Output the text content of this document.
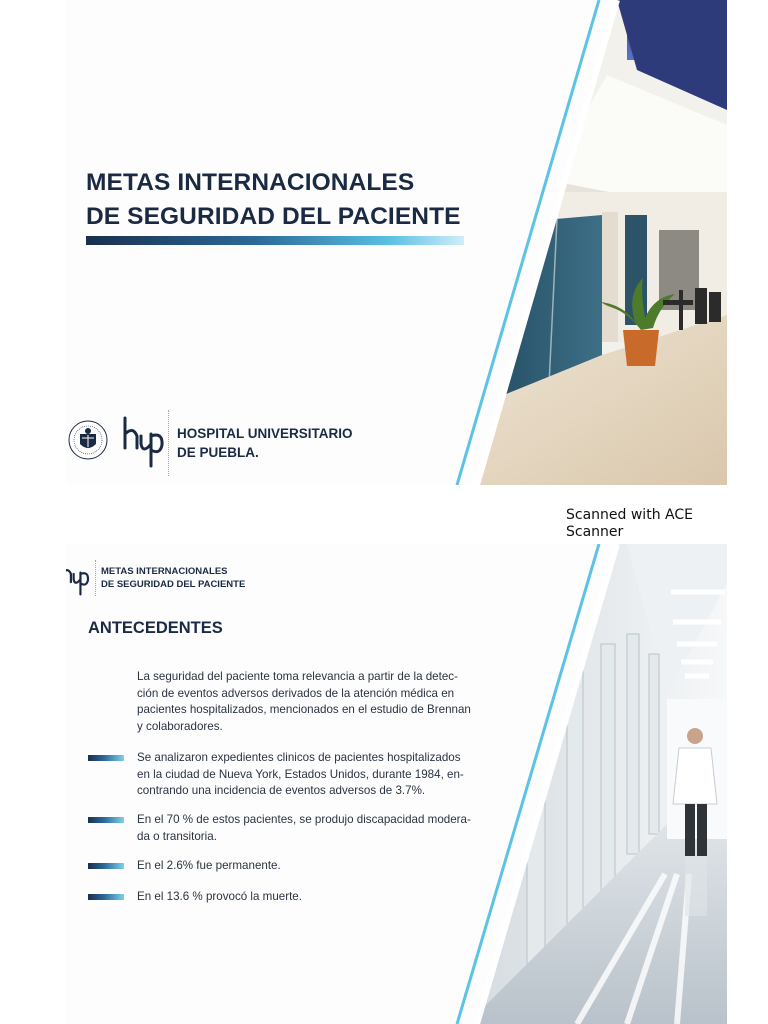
METAS INTERNACIONALES
DE SEGURIDAD DEL PACIENTE
HOSPITAL UNIVERSITARIO
DE PUEBLA.
Scanned with ACE Scanner
METAS INTERNACIONALES
DE SEGURIDAD DEL PACIENTE
ANTECEDENTES

La seguridad del paciente toma relevancia a partir de la detec-
ción de eventos adversos derivados de la atención médica en
pacientes hospitalizados, mencionados en el estudio de Brennan
y colaboradores.

Se analizaron expedientes clinicos de pacientes hospitalizados
en la ciudad de Nueva York, Estados Unidos, durante 1984, en-
contrando una incidencia de eventos adversos de 3.7%.
En el 70 % de estos pacientes, se produjo discapacidad modera-
da o transitoria.
En el 2.6% fue permanente.
En el 13.6 % provocó la muerte.
